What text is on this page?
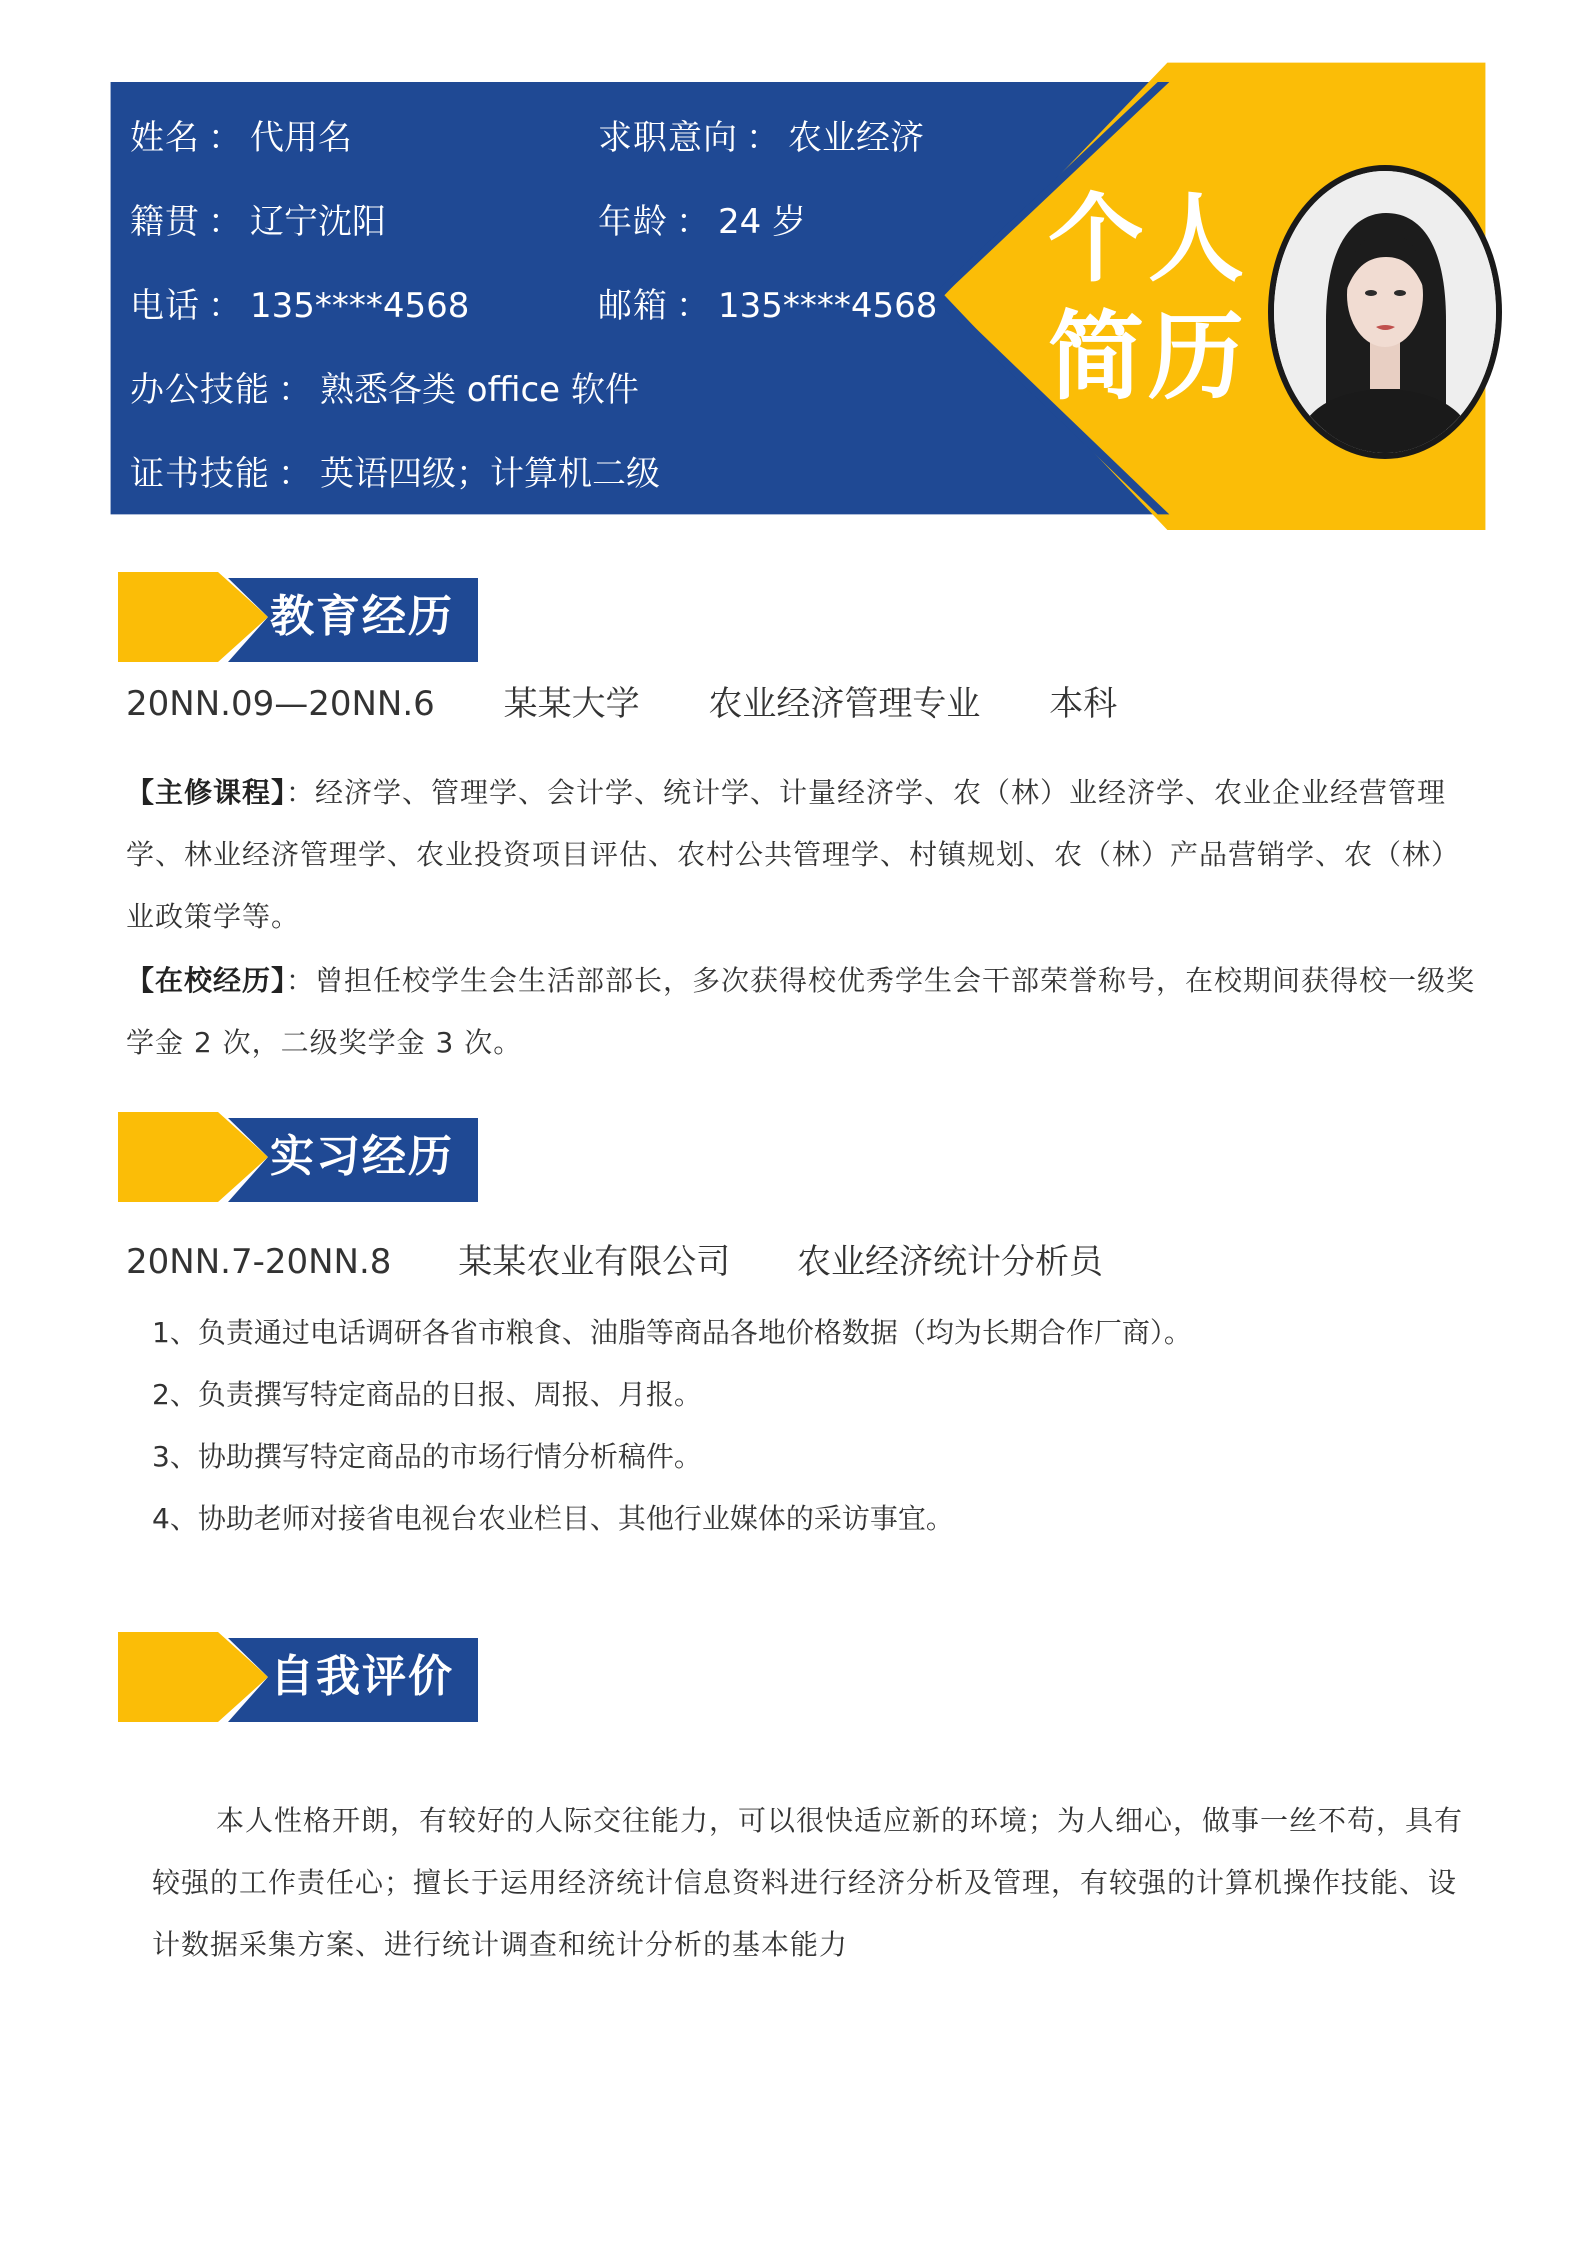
姓名 ： 代用名	求职意向 ： 农业经济
籍贯 ： 辽宁沈阳	年龄 ： 24 岁
电话 ： 135****4568	邮箱 ： 135****4568
办公技能 ： 熟悉各类 office 软件
证书技能 ： 英语四级；计算机二级
个人
简历
教育经历
20NN.09—20NN.6 某某大学 农业经济管理专业 本科
【主修课程】：经济学、管理学、会计学、统计学、计量经济学、农（林）业经济学、农业企业经营管理学、林业经济管理学、农业投资项目评估、农村公共管理学、村镇规划、农（林）产品营销学、农（林）业政策学等。
【在校经历】：曾担任校学生会生活部部长，多次获得校优秀学生会干部荣誉称号，在校期间获得校一级奖学金 2 次，二级奖学金 3 次。
实习经历
20NN.7-20NN.8 某某农业有限公司 农业经济统计分析员
1、负责通过电话调研各省市粮食、油脂等商品各地价格数据（均为长期合作厂商）。
2、负责撰写特定商品的日报、周报、月报。
3、协助撰写特定商品的市场行情分析稿件。
4、协助老师对接省电视台农业栏目、其他行业媒体的采访事宜。
自我评价
本人性格开朗，有较好的人际交往能力，可以很快适应新的环境；为人细心，做事一丝不苟，具有较强的工作责任心；擅长于运用经济统计信息资料进行经济分析及管理，有较强的计算机操作技能、设计数据采集方案、进行统计调查和统计分析的基本能力
